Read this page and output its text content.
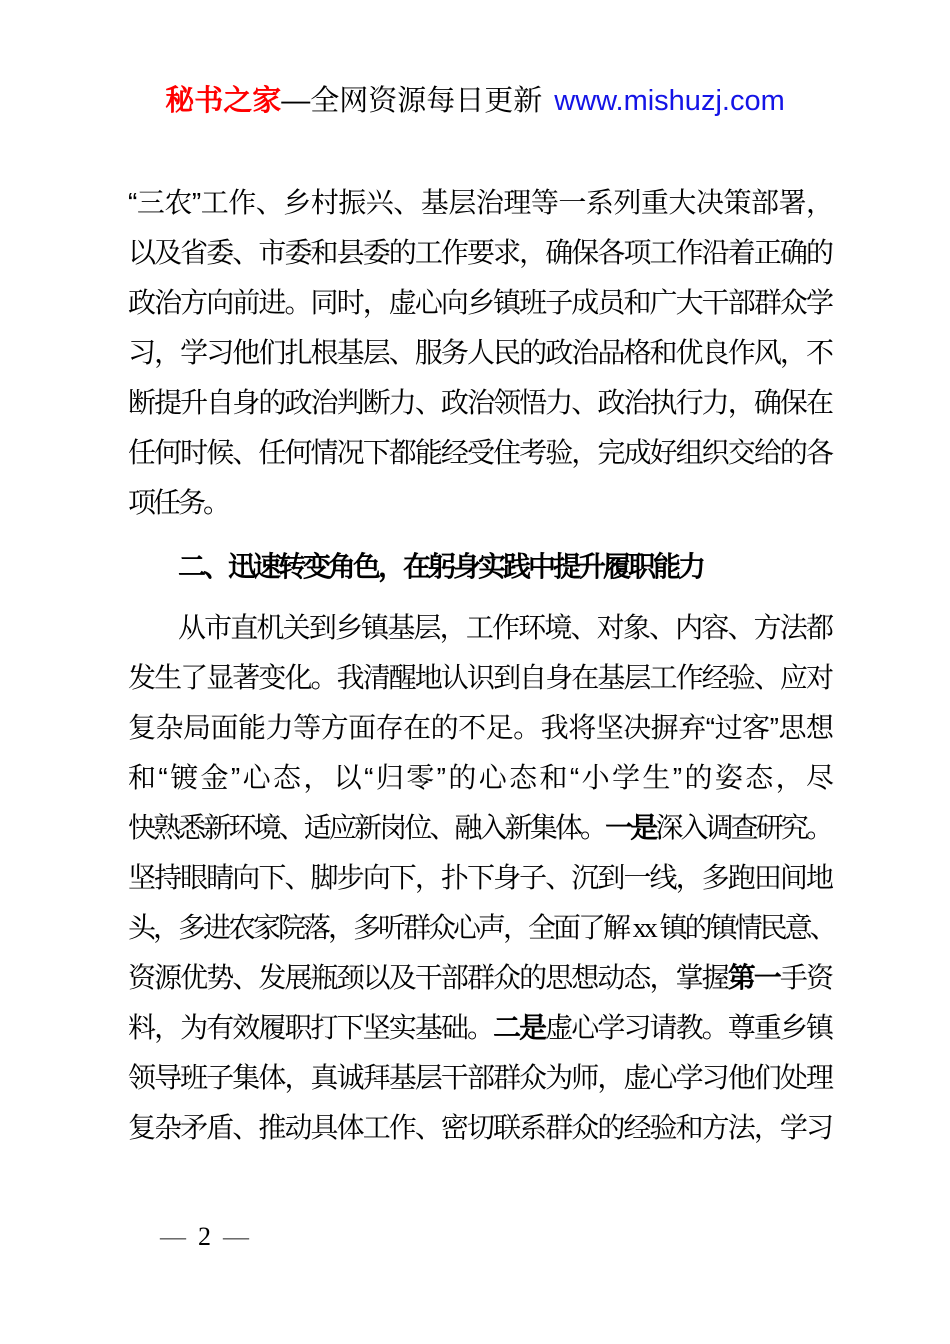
秘书之家—全网资源每日更新 www.mishuzj.com
“三农”工作、乡村振兴、基层治理等一系列重大决策部署，
以及省委、市委和县委的工作要求，确保各项工作沿着正确的
政治方向前进。同时，虚心向乡镇班子成员和广大干部群众学
习，学习他们扎根基层、服务人民的政治品格和优良作风，不
断提升自身的政治判断力、政治领悟力、政治执行力，确保在
任何时候、任何情况下都能经受住考验，完成好组织交给的各
项任务。
二、迅速转变角色，在躬身实践中提升履职能力
从市直机关到乡镇基层，工作环境、对象、内容、方法都
发生了显著变化。我清醒地认识到自身在基层工作经验、应对
复杂局面能力等方面存在的不足。我将坚决摒弃“过客”思想
和“镀金”心态，以“归零”的心态和“小学生”的姿态，尽
快熟悉新环境、适应新岗位、融入新集体。一是深入调查研究。
坚持眼睛向下、脚步向下，扑下身子、沉到一线，多跑田间地
头，多进农家院落，多听群众心声，全面了解 xx 镇的镇情民意、
资源优势、发展瓶颈以及干部群众的思想动态，掌握第一手资
料，为有效履职打下坚实基础。二是虚心学习请教。尊重乡镇
领导班子集体，真诚拜基层干部群众为师，虚心学习他们处理
复杂矛盾、推动具体工作、密切联系群众的经验和方法，学习
— 2 —
